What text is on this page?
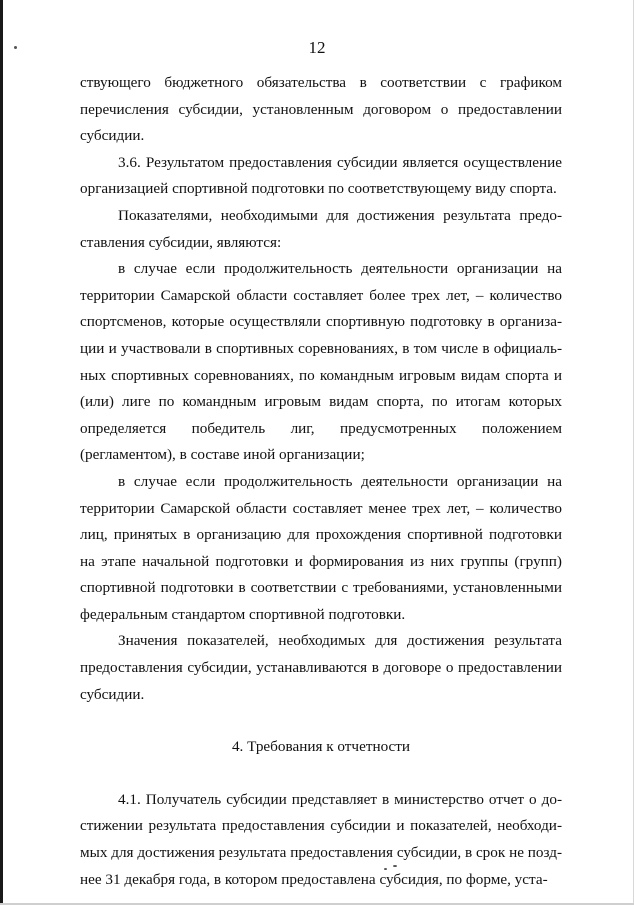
12

ствующего бюджетного обязательства в соответствии с графиком перечисления субсидии, установленным договором о предоставлении субсидии.

3.6. Результатом предоставления субсидии является осуществление организацией спортивной подготовки по соответствующему виду спорта.

Показателями, необходимыми для достижения результата предоставления субсидии, являются:

в случае если продолжительность деятельности организации на территории Самарской области составляет более трех лет, – количество спортсменов, которые осуществляли спортивную подготовку в организации и участвовали в спортивных соревнованиях, в том числе в официальных спортивных соревнованиях, по командным игровым видам спорта и (или) лиге по командным игровым видам спорта, по итогам которых определяется победитель лиг, предусмотренных положением (регламентом), в составе иной организации;

в случае если продолжительность деятельности организации на территории Самарской области составляет менее трех лет, – количество лиц, принятых в организацию для прохождения спортивной подготовки на этапе начальной подготовки и формирования из них группы (групп) спортивной подготовки в соответствии с требованиями, установленными федеральным стандартом спортивной подготовки.

Значения показателей, необходимых для достижения результата предоставления субсидии, устанавливаются в договоре о предоставлении субсидии.

4. Требования к отчетности

4.1. Получатель субсидии представляет в министерство отчет о достижении результата предоставления субсидии и показателей, необходимых для достижения результата предоставления субсидии, в срок не позднее 31 декабря года, в котором предоставлена субсидия, по форме, уста-
